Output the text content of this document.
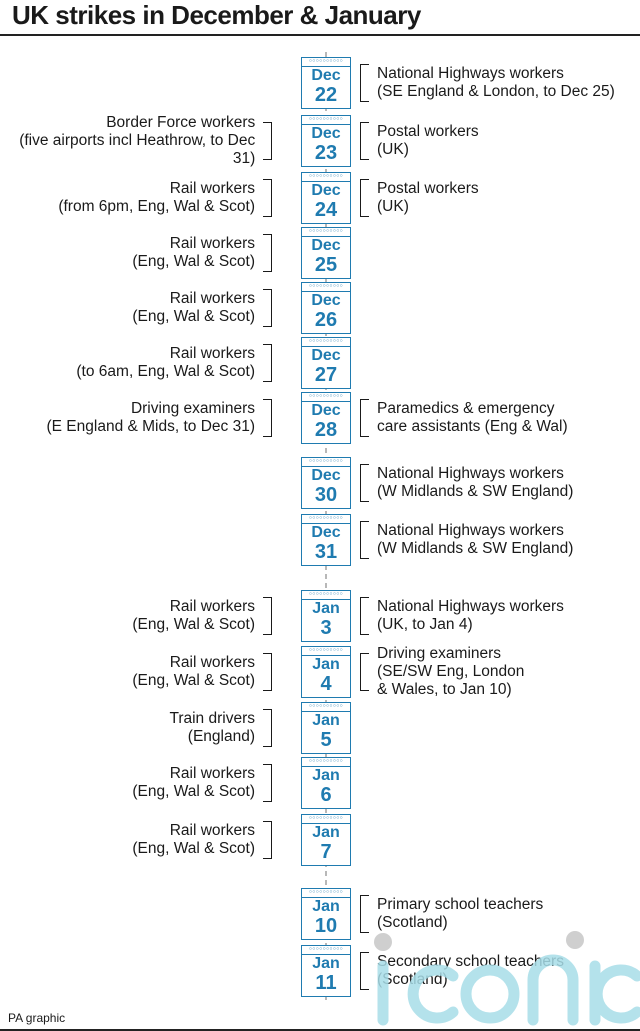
UK strikes in December & January
○○○○○○○○○○
Dec
22
National Highways workers
(SE England & London, to Dec 25)
Border Force workers
(five airports incl Heathrow, to Dec 31)
○○○○○○○○○○
Dec
23
Postal workers
(UK)
Rail workers
(from 6pm, Eng, Wal & Scot)
○○○○○○○○○○
Dec
24
Postal workers
(UK)
Rail workers
(Eng, Wal & Scot)
○○○○○○○○○○
Dec
25
Rail workers
(Eng, Wal & Scot)
○○○○○○○○○○
Dec
26
Rail workers
(to 6am, Eng, Wal & Scot)
○○○○○○○○○○
Dec
27
Driving examiners
(E England & Mids, to Dec 31)
○○○○○○○○○○
Dec
28
Paramedics & emergency
care assistants (Eng & Wal)
○○○○○○○○○○
Dec
30
National Highways workers
(W Midlands & SW England)
○○○○○○○○○○
Dec
31
National Highways workers
(W Midlands & SW England)
Rail workers
(Eng, Wal & Scot)
○○○○○○○○○○
Jan
3
National Highways workers
(UK, to Jan 4)
Rail workers
(Eng, Wal & Scot)
○○○○○○○○○○
Jan
4
Driving examiners
(SE/SW Eng, London
& Wales, to Jan 10)
Train drivers
(England)
○○○○○○○○○○
Jan
5
Rail workers
(Eng, Wal & Scot)
○○○○○○○○○○
Jan
6
Rail workers
(Eng, Wal & Scot)
○○○○○○○○○○
Jan
7
○○○○○○○○○○
Jan
10
Primary school teachers
(Scotland)
○○○○○○○○○○
Jan
11
Secondary school teachers
(Scotland)
PA graphic
